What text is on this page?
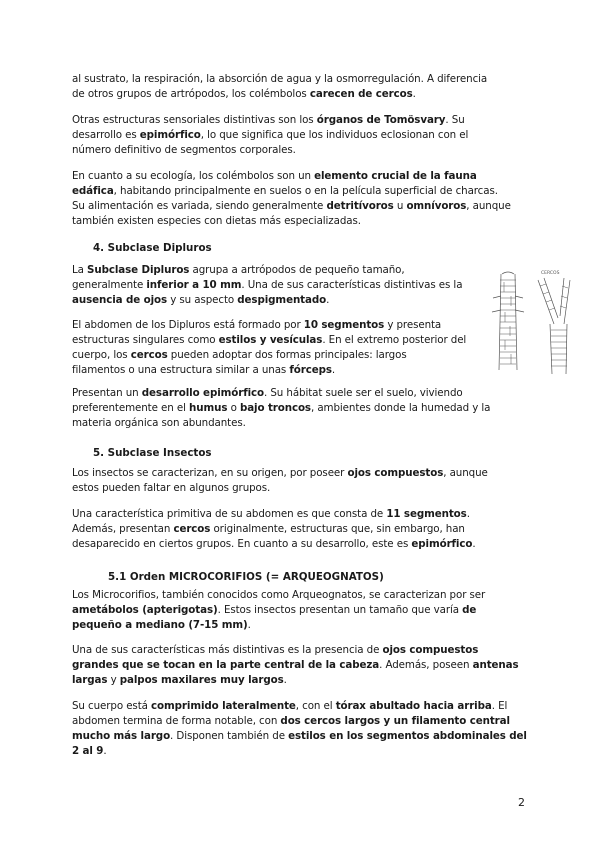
al sustrato, la respiración, la absorción de agua y la osmorregulación. A diferencia
de otros grupos de artrópodos, los colémbolos carecen de cercos.

Otras estructuras sensoriales distintivas son los órganos de Tomösvary. Su
desarrollo es epimórfico, lo que significa que los individuos eclosionan con el
número definitivo de segmentos corporales.

En cuanto a su ecología, los colémbolos son un elemento crucial de la fauna
edáfica, habitando principalmente en suelos o en la película superficial de charcas.
Su alimentación es variada, siendo generalmente detritívoros u omnívoros, aunque
también existen especies con dietas más especializadas.

4. Subclase Dipluros

La Subclase Dipluros agrupa a artrópodos de pequeño tamaño,
generalmente inferior a 10 mm. Una de sus características distintivas es la
ausencia de ojos y su aspecto despigmentado.

El abdomen de los Dipluros está formado por 10 segmentos y presenta
estructuras singulares como estilos y vesículas. En el extremo posterior del
cuerpo, los cercos pueden adoptar dos formas principales: largos
filamentos o una estructura similar a unas fórceps.

Presentan un desarrollo epimórfico. Su hábitat suele ser el suelo, viviendo
preferentemente en el humus o bajo troncos, ambientes donde la humedad y la
materia orgánica son abundantes.

5. Subclase Insectos

Los insectos se caracterizan, en su origen, por poseer ojos compuestos, aunque
estos pueden faltar en algunos grupos.

Una característica primitiva de su abdomen es que consta de 11 segmentos.
Además, presentan cercos originalmente, estructuras que, sin embargo, han
desaparecido en ciertos grupos. En cuanto a su desarrollo, este es epimórfico.

5.1 Orden MICROCORIFIOS (= ARQUEOGNATOS)

Los Microcorifios, también conocidos como Arqueognatos, se caracterizan por ser
ametábolos (apterigotas). Estos insectos presentan un tamaño que varía de
pequeño a mediano (7-15 mm).

Una de sus características más distintivas es la presencia de ojos compuestos
grandes que se tocan en la parte central de la cabeza. Además, poseen antenas
largas y palpos maxilares muy largos.

Su cuerpo está comprimido lateralmente, con el tórax abultado hacia arriba. El
abdomen termina de forma notable, con dos cercos largos y un filamento central
mucho más largo. Disponen también de estilos en los segmentos abdominales del
2 al 9.

CERCOS
2
